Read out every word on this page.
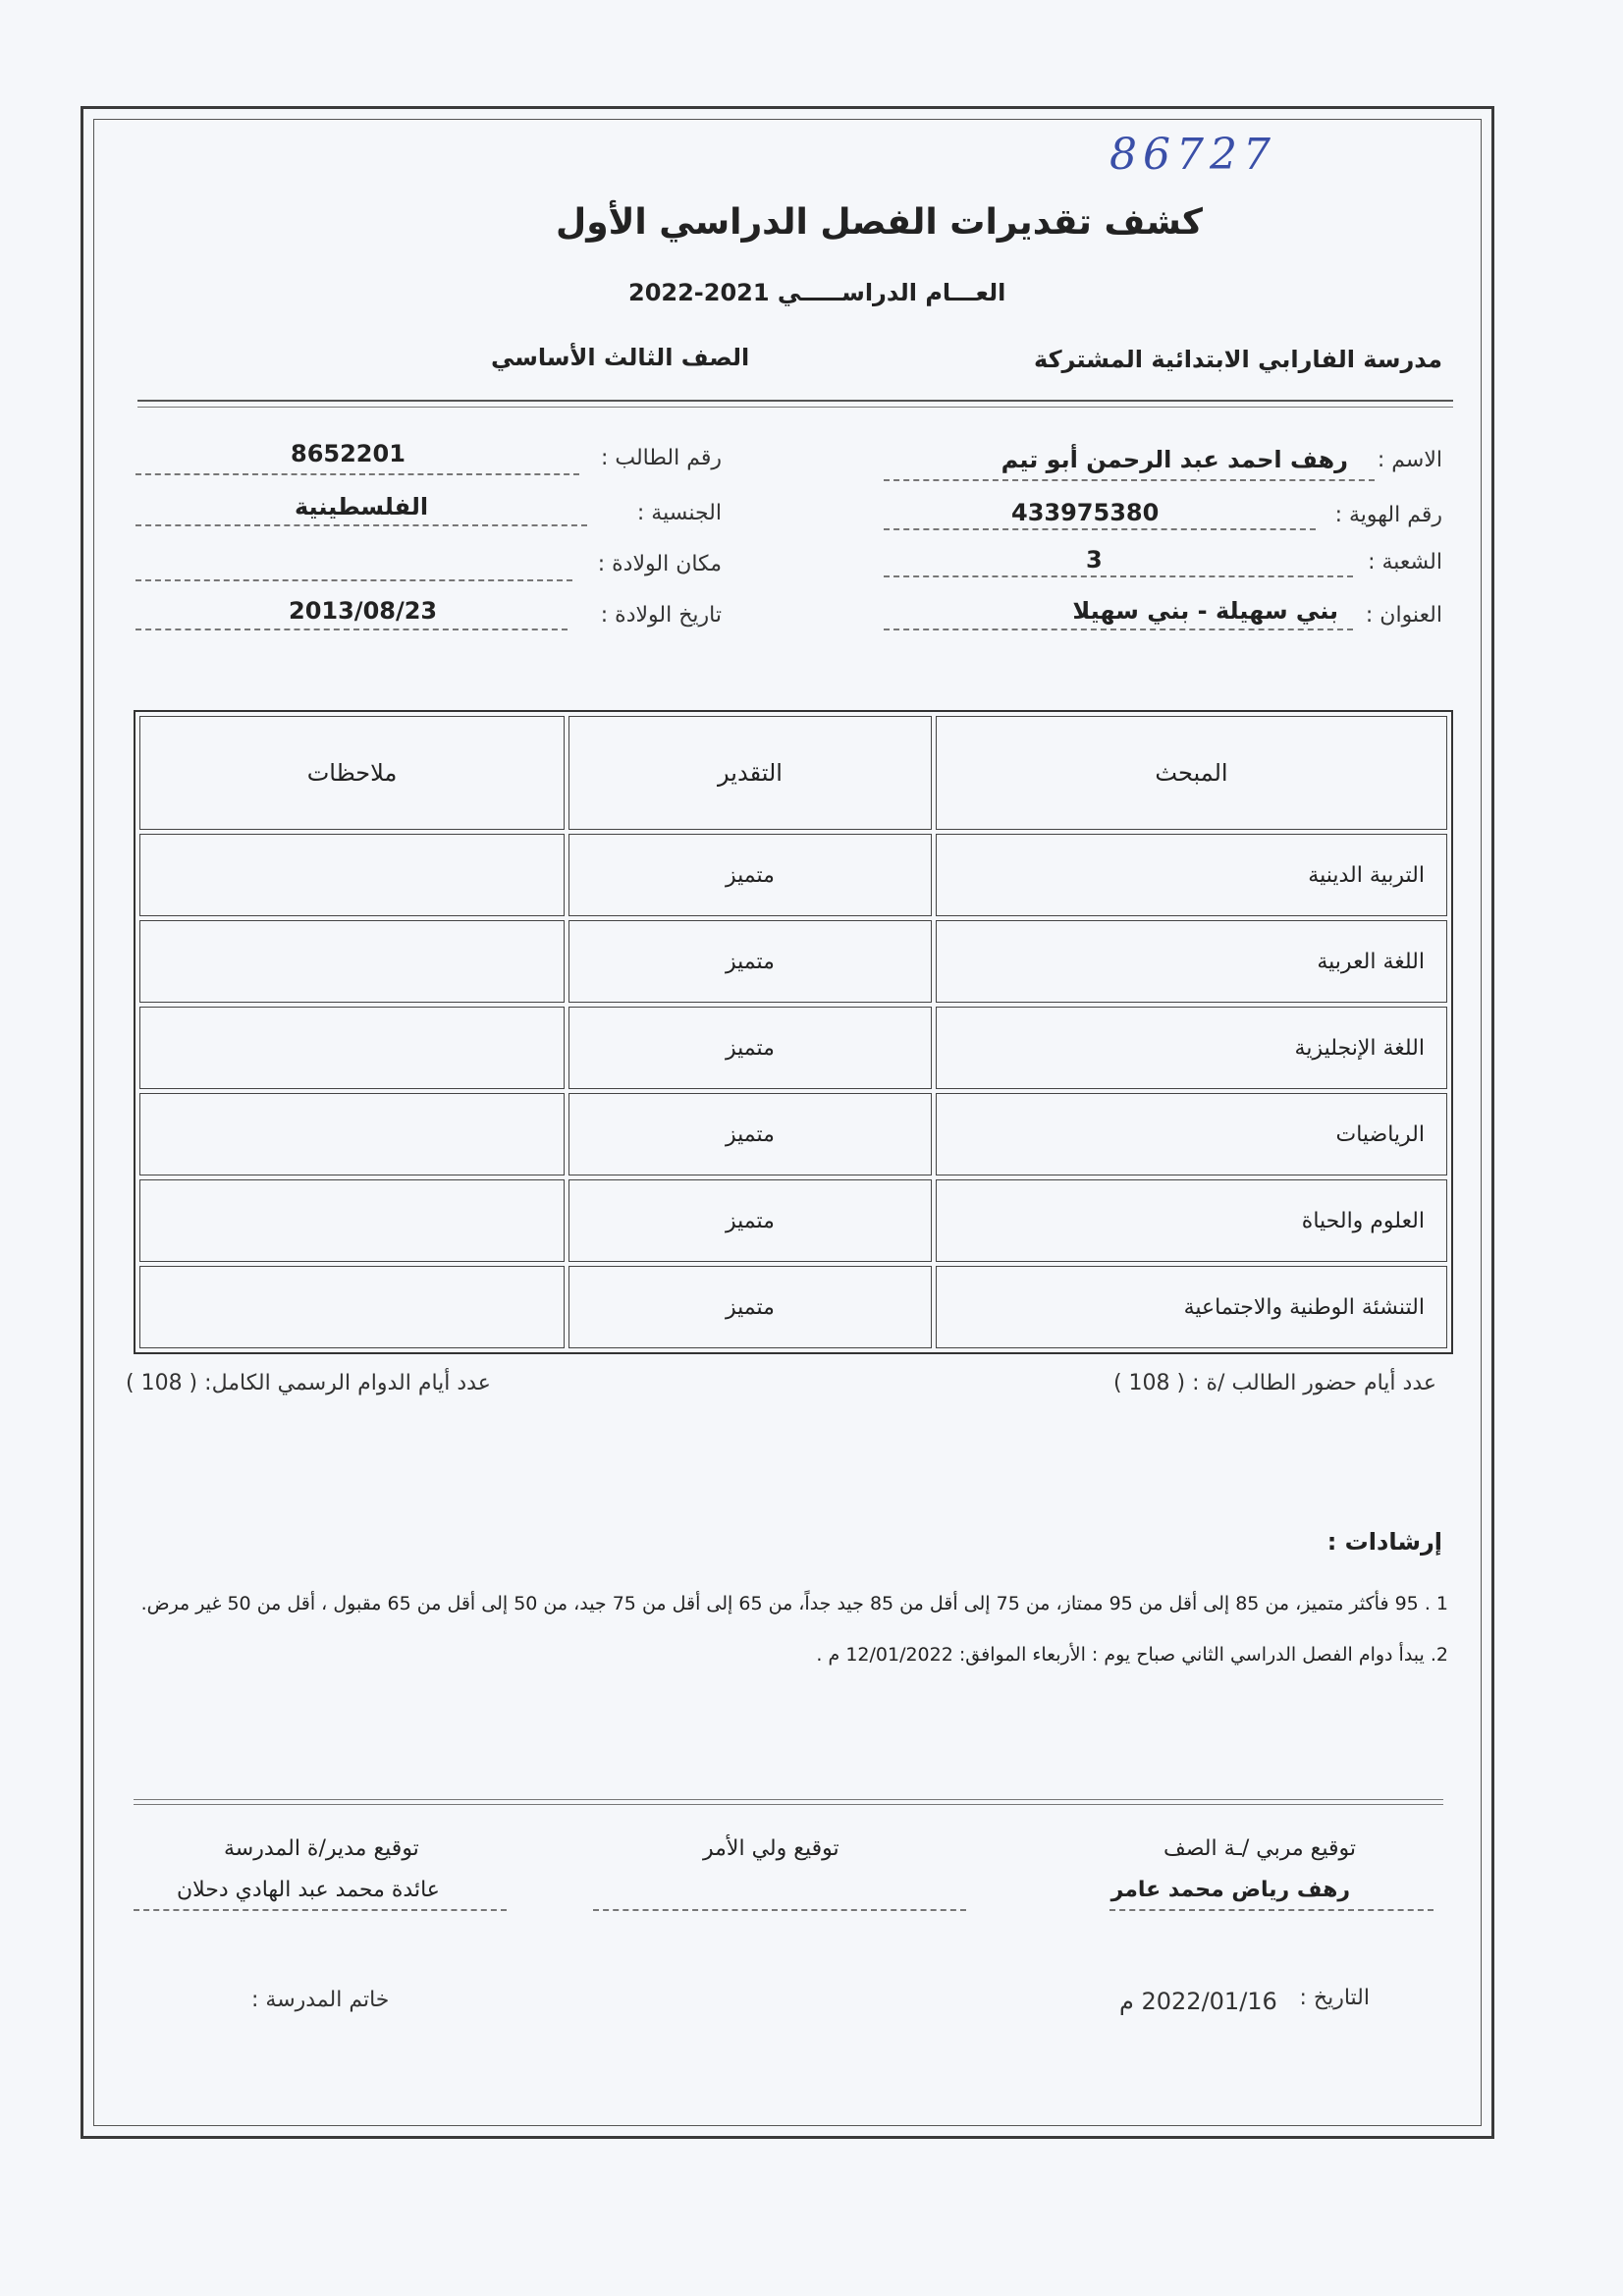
86727
كشف تقديرات الفصل الدراسي الأول
العـــام الدراســـــي 2022-2021
مدرسة الفارابي الابتدائية المشتركة
الصف الثالث الأساسي
الاسم :
رهف احمد عبد الرحمن أبو تيم
رقم الهوية :
433975380
الشعبة :
3
العنوان :
بني سهيلة - بني سهيلا
رقم الطالب :
8652201
الجنسية :
الفلسطينية
مكان الولادة :
تاريخ الولادة :
2013/08/23
المبحث	التقدير	ملاحظات
التربية الدينية	متميز	
اللغة العربية	متميز	
اللغة الإنجليزية	متميز	
الرياضيات	متميز	
العلوم والحياة	متميز	
التنشئة الوطنية والاجتماعية	متميز	
عدد أيام حضور الطالب /ة : ( 108 )
عدد أيام الدوام الرسمي الكامل: ( 108 )
إرشادات :
1 . 95 فأكثر متميز، من 85 إلى أقل من 95 ممتاز، من 75 إلى أقل من 85 جيد جداً، من 65 إلى أقل من 75 جيد، من 50 إلى أقل من 65 مقبول ، أقل من 50 غير مرض.
2. يبدأ دوام الفصل الدراسي الثاني صباح يوم : الأربعاء الموافق: 12/01/2022 م .
توقيع مربي /ـة الصف
رهف رياض محمد عامر
توقيع ولي الأمر
توقيع مدير/ة المدرسة
عائدة محمد عبد الهادي دحلان
التاريخ :
2022/01/16 م
خاتم المدرسة :
